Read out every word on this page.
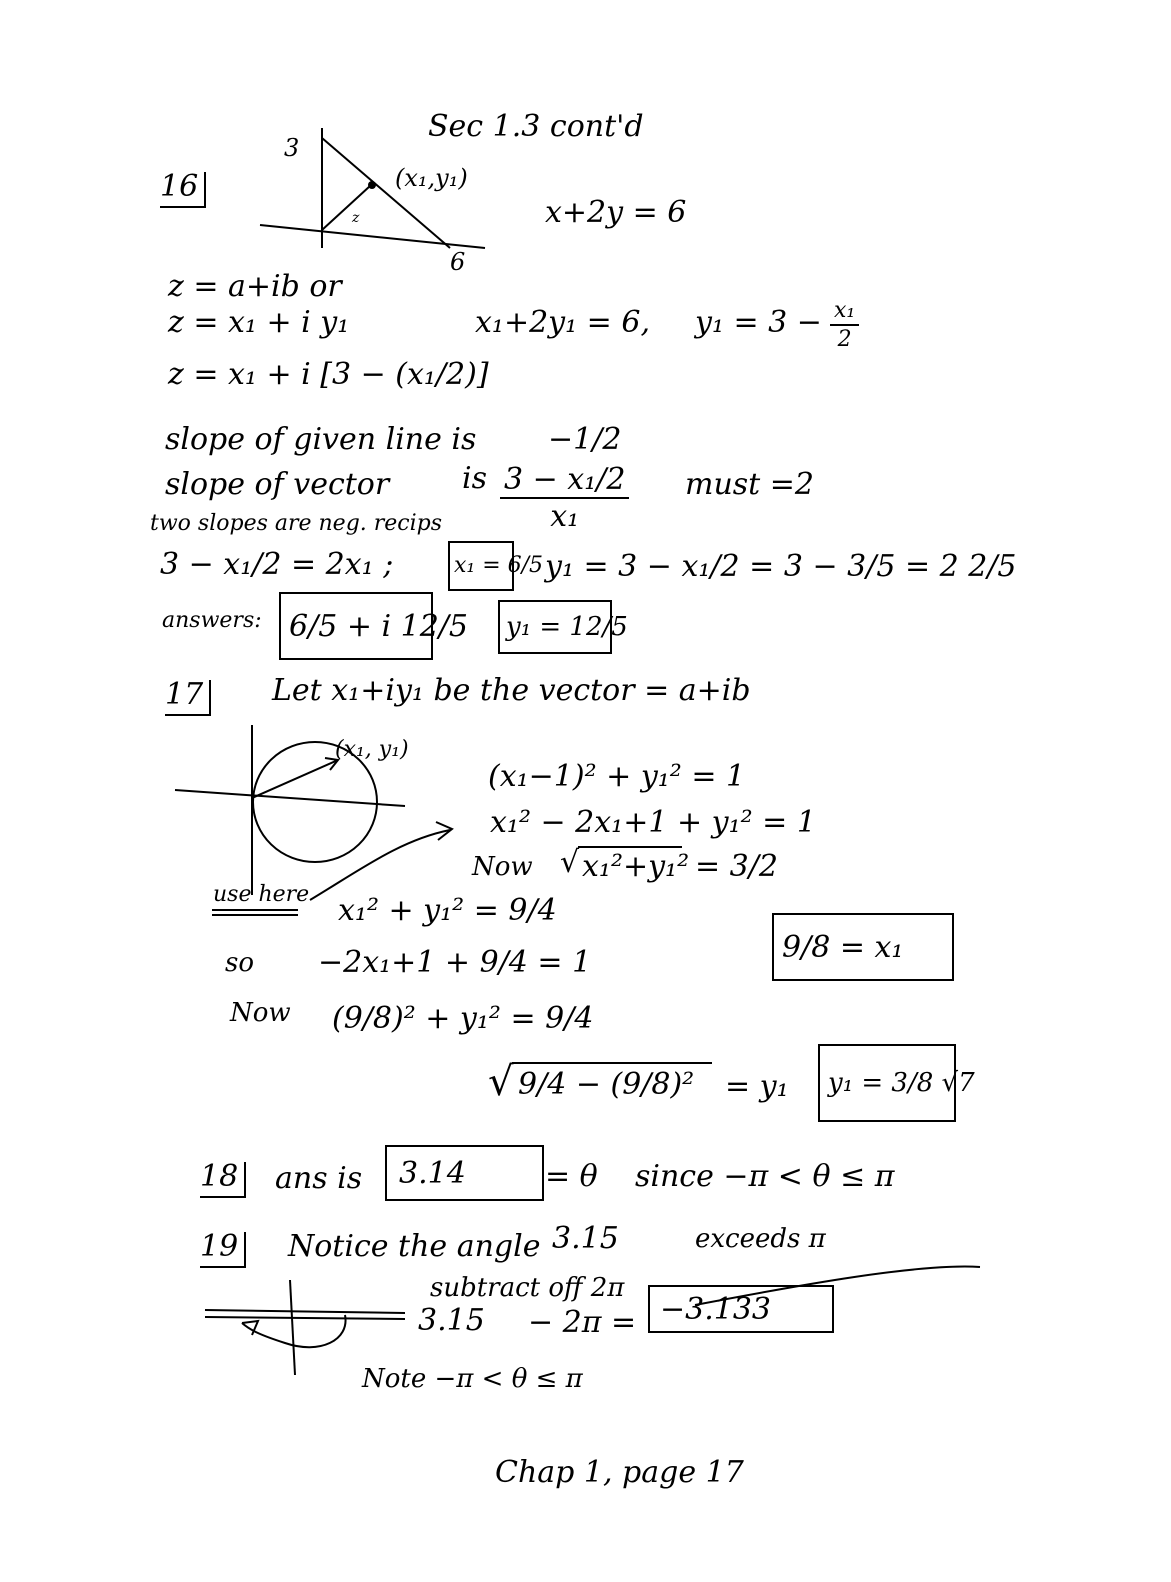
Sec 1.3 cont'd
16
3
6
(x₁,y₁)
z	x+2y = 6
z = a+ib or
z = x₁ + i y₁	x₁+2y₁ = 6, $y_1 = 3 - \frac{\text{x₁}}{2}$
z = x₁ + i [3 − (x₁/2)]
slope of given line is −1/2
slope of vector is $\frac{\text{3 − x₁/2}}{\text{x₁}}$ must =2
two slopes are neg. recips
3 − x₁/2 = 2x₁ ;	x₁ = 6/5 y₁ = 3 − x₁/2 = 3 − 3/5 = 2 2/5
answers: 6/5 + i 12/5 y₁ = 12/5
17 Let x₁+iy₁ be the vector = a+ib
(x₁, y₁)
(x₁−1)² + y₁² = 1
x₁² − 2x₁+1 + y₁² = 1
Now √ x₁²+y₁² = 3/2
use here x₁² + y₁² = 9/4
so −2x₁+1 + 9/4 = 1	9/8 = x₁
Now (9/8)² + y₁² = 9/4
√ 9/4 − (9/8)² = y₁ y₁ = 3/8 √7
18 ans is 3.14	= θ since −π < θ ≤ π
19 Notice the angle 3.15	exceeds π
subtract off 2π
3.15 − 2π = −3.133
Note −π < θ ≤ π
Chap 1, page 17
